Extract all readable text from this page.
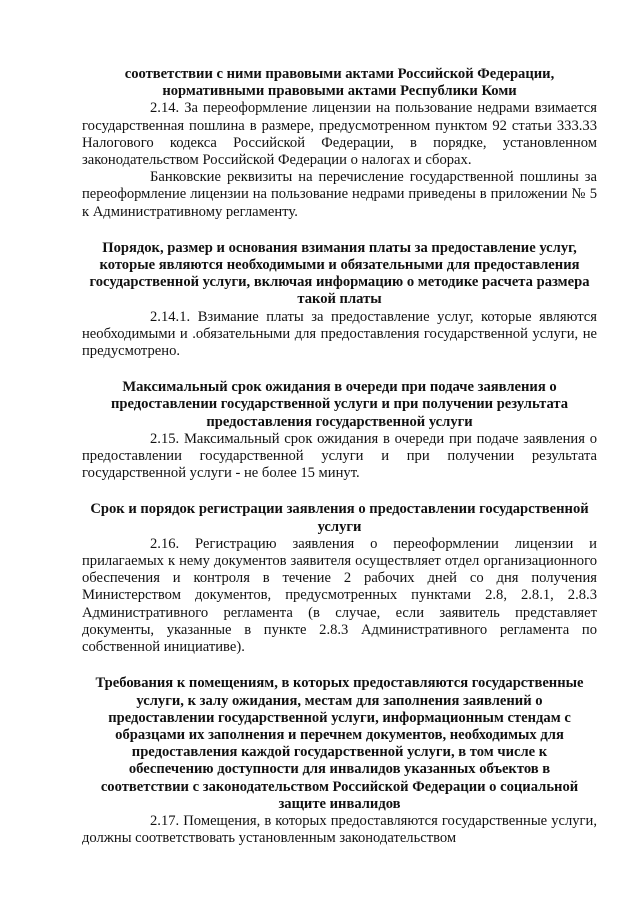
соответствии с ними правовыми актами Российской Федерации, нормативными правовыми актами Республики Коми

2.14. За переоформление лицензии на пользование недрами взимается государственная пошлина в размере, предусмотренном пунктом 92 статьи 333.33 Налогового кодекса Российской Федерации, в порядке, установленном законодательством Российской Федерации о налогах и сборах.

Банковские реквизиты на перечисление государственной пошлины за переоформление лицензии на пользование недрами приведены в приложении № 5 к Административному регламенту.

Порядок, размер и основания взимания платы за предоставление услуг, которые являются необходимыми и обязательными для предоставления государственной услуги, включая информацию о методике расчета размера такой платы

2.14.1. Взимание платы за предоставление услуг, которые являются необходимыми и .обязательными для предоставления государственной услуги, не предусмотрено.

Максимальный срок ожидания в очереди при подаче заявления о предоставлении государственной услуги и при получении результата предоставления государственной услуги

2.15. Максимальный срок ожидания в очереди при подаче заявления о предоставлении государственной услуги и при получении результата государственной услуги - не более 15 минут.

Срок и порядок регистрации заявления о предоставлении государственной услуги

2.16. Регистрацию заявления о переоформлении лицензии и прилагаемых к нему документов заявителя осуществляет отдел организационного обеспечения и контроля в течение 2 рабочих дней со дня получения Министерством документов, предусмотренных пунктами 2.8, 2.8.1, 2.8.3 Административного регламента (в случае, если заявитель представляет документы, указанные в пункте 2.8.3 Административного регламента по собственной инициативе).

Требования к помещениям, в которых предоставляются государственные услуги, к залу ожидания, местам для заполнения заявлений о предоставлении государственной услуги, информационным стендам с образцами их заполнения и перечнем документов, необходимых для предоставления каждой государственной услуги, в том числе к обеспечению доступности для инвалидов указанных объектов в соответствии с законодательством Российской Федерации о социальной защите инвалидов

2.17. Помещения, в которых предоставляются государственные услуги, должны соответствовать установленным законодательством
